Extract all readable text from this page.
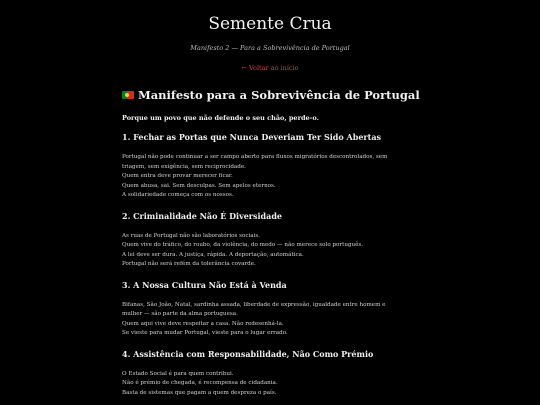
Semente Crua
Manifesto 2 — Para a Sobrevivência de Portugal
← Voltar ao início
Manifesto para a Sobrevivência de Portugal

Porque um povo que não defende o seu chão, perde-o.

1. Fechar as Portas que Nunca Deveriam Ter Sido Abertas
Portugal não pode continuar a ser campo aberto para fluxos migratórios descontrolados, sem
triagem, sem exigência, sem reciprocidade.
Quem entra deve provar merecer ficar.
Quem abusa, sai. Sem desculpas. Sem apelos eternos.
A solidariedade começa com os nossos.
2. Criminalidade Não É Diversidade
As ruas de Portugal não são laboratórios sociais.
Quem vive do tráfico, do roubo, da violência, do medo — não merece solo português.
A lei deve ser dura. A justiça, rápida. A deportação, automática.
Portugal não será refém da tolerância covarde.
3. A Nossa Cultura Não Está à Venda
Bifanas, São João, Natal, sardinha assada, liberdade de expressão, igualdade entre homem e
mulher — são parte da alma portuguesa.
Quem aqui vive deve respeitar a casa. Não redesenhá-la.
Se vieste para mudar Portugal, vieste para o lugar errado.
4. Assistência com Responsabilidade, Não Como Prémio
O Estado Social é para quem contribui.
Não é prémio de chegada, é recompensa de cidadania.
Basta de sistemas que pagam a quem despreza o país.
